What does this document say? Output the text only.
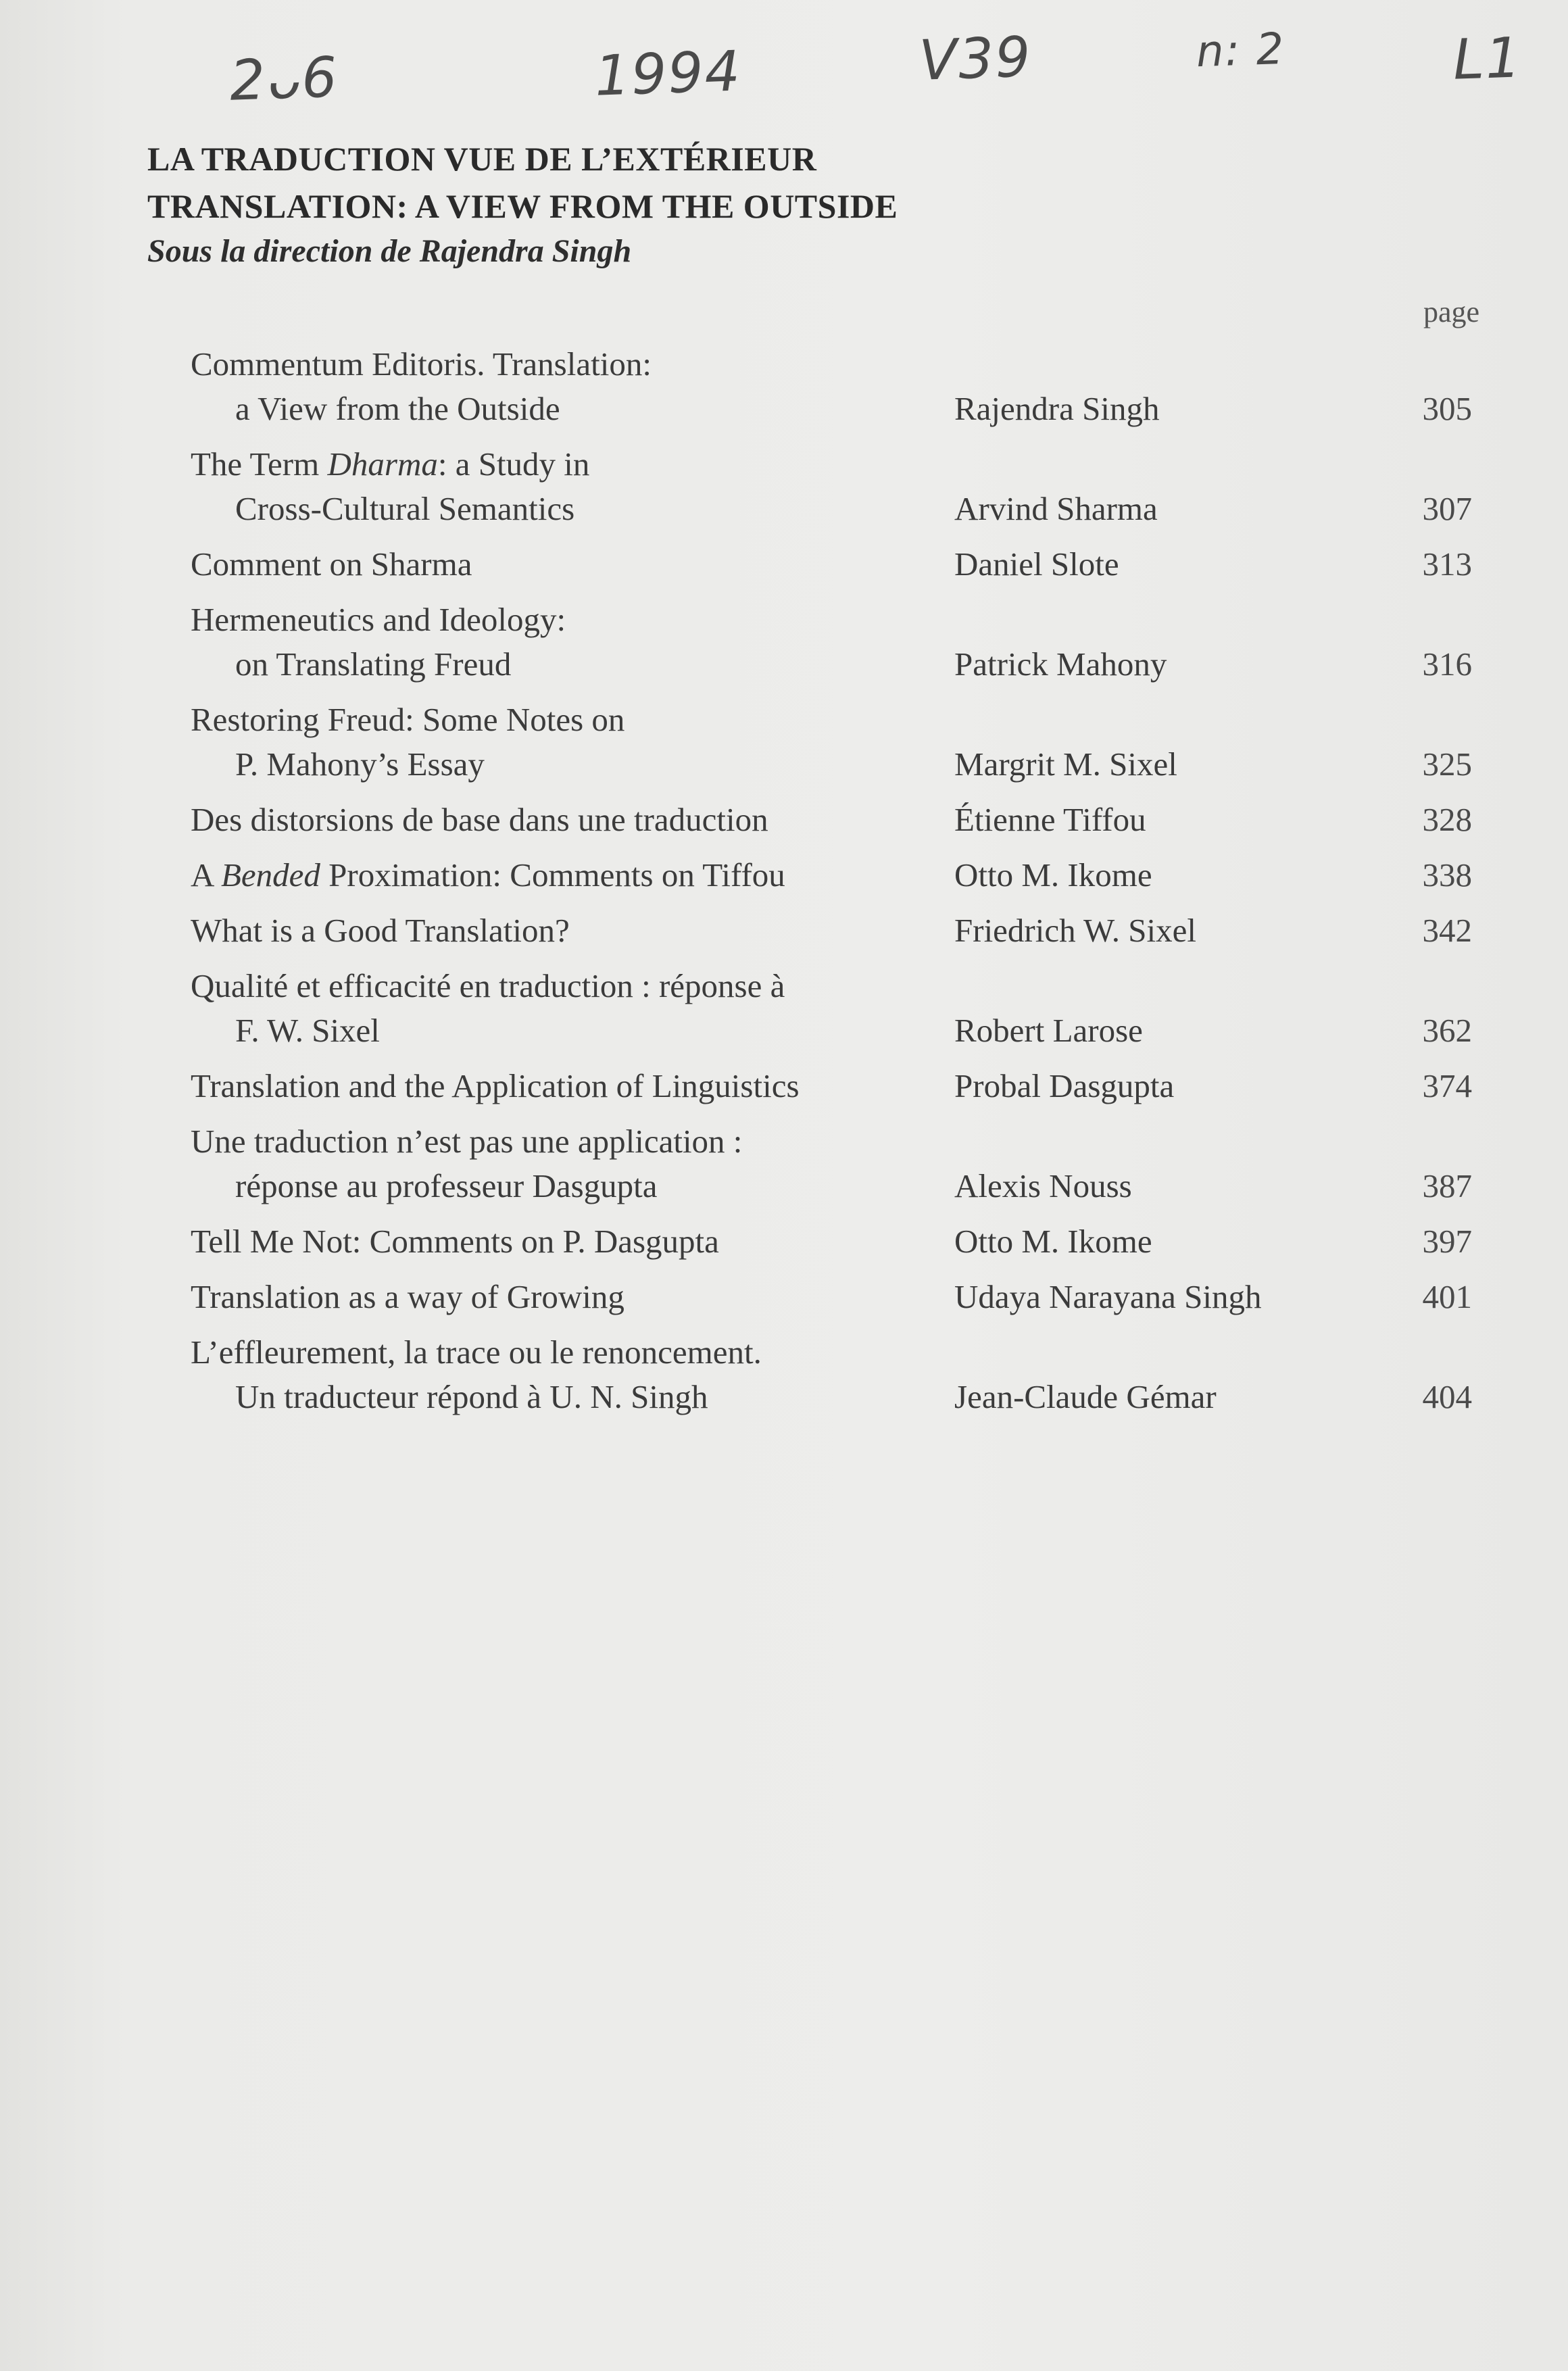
2ᴗ6	1994	V39	n: 2	L1
LA TRADUCTION VUE DE L’EXTÉRIEUR
TRANSLATION: A VIEW FROM THE OUTSIDE
Sous la direction de Rajendra Singh
page
Commentum Editoris. Translation:
a View from the Outside	Rajendra Singh	305
The Term Dharma: a Study in
Cross-Cultural Semantics	Arvind Sharma	307
Comment on Sharma	Daniel Slote	313
Hermeneutics and Ideology:
on Translating Freud	Patrick Mahony	316
Restoring Freud: Some Notes on
P. Mahony’s Essay	Margrit M. Sixel	325
Des distorsions de base dans une traduction	Étienne Tiffou	328
A Bended Proximation: Comments on Tiffou	Otto M. Ikome	338
What is a Good Translation?	Friedrich W. Sixel	342
Qualité et efficacité en traduction : réponse à
F. W. Sixel	Robert Larose	362
Translation and the Application of Linguistics	Probal Dasgupta	374
Une traduction n’est pas une application :
réponse au professeur Dasgupta	Alexis Nouss	387
Tell Me Not: Comments on P. Dasgupta	Otto M. Ikome	397
Translation as a way of Growing	Udaya Narayana Singh	401
L’effleurement, la trace ou le renoncement.
Un traducteur répond à U. N. Singh	Jean-Claude Gémar	404
